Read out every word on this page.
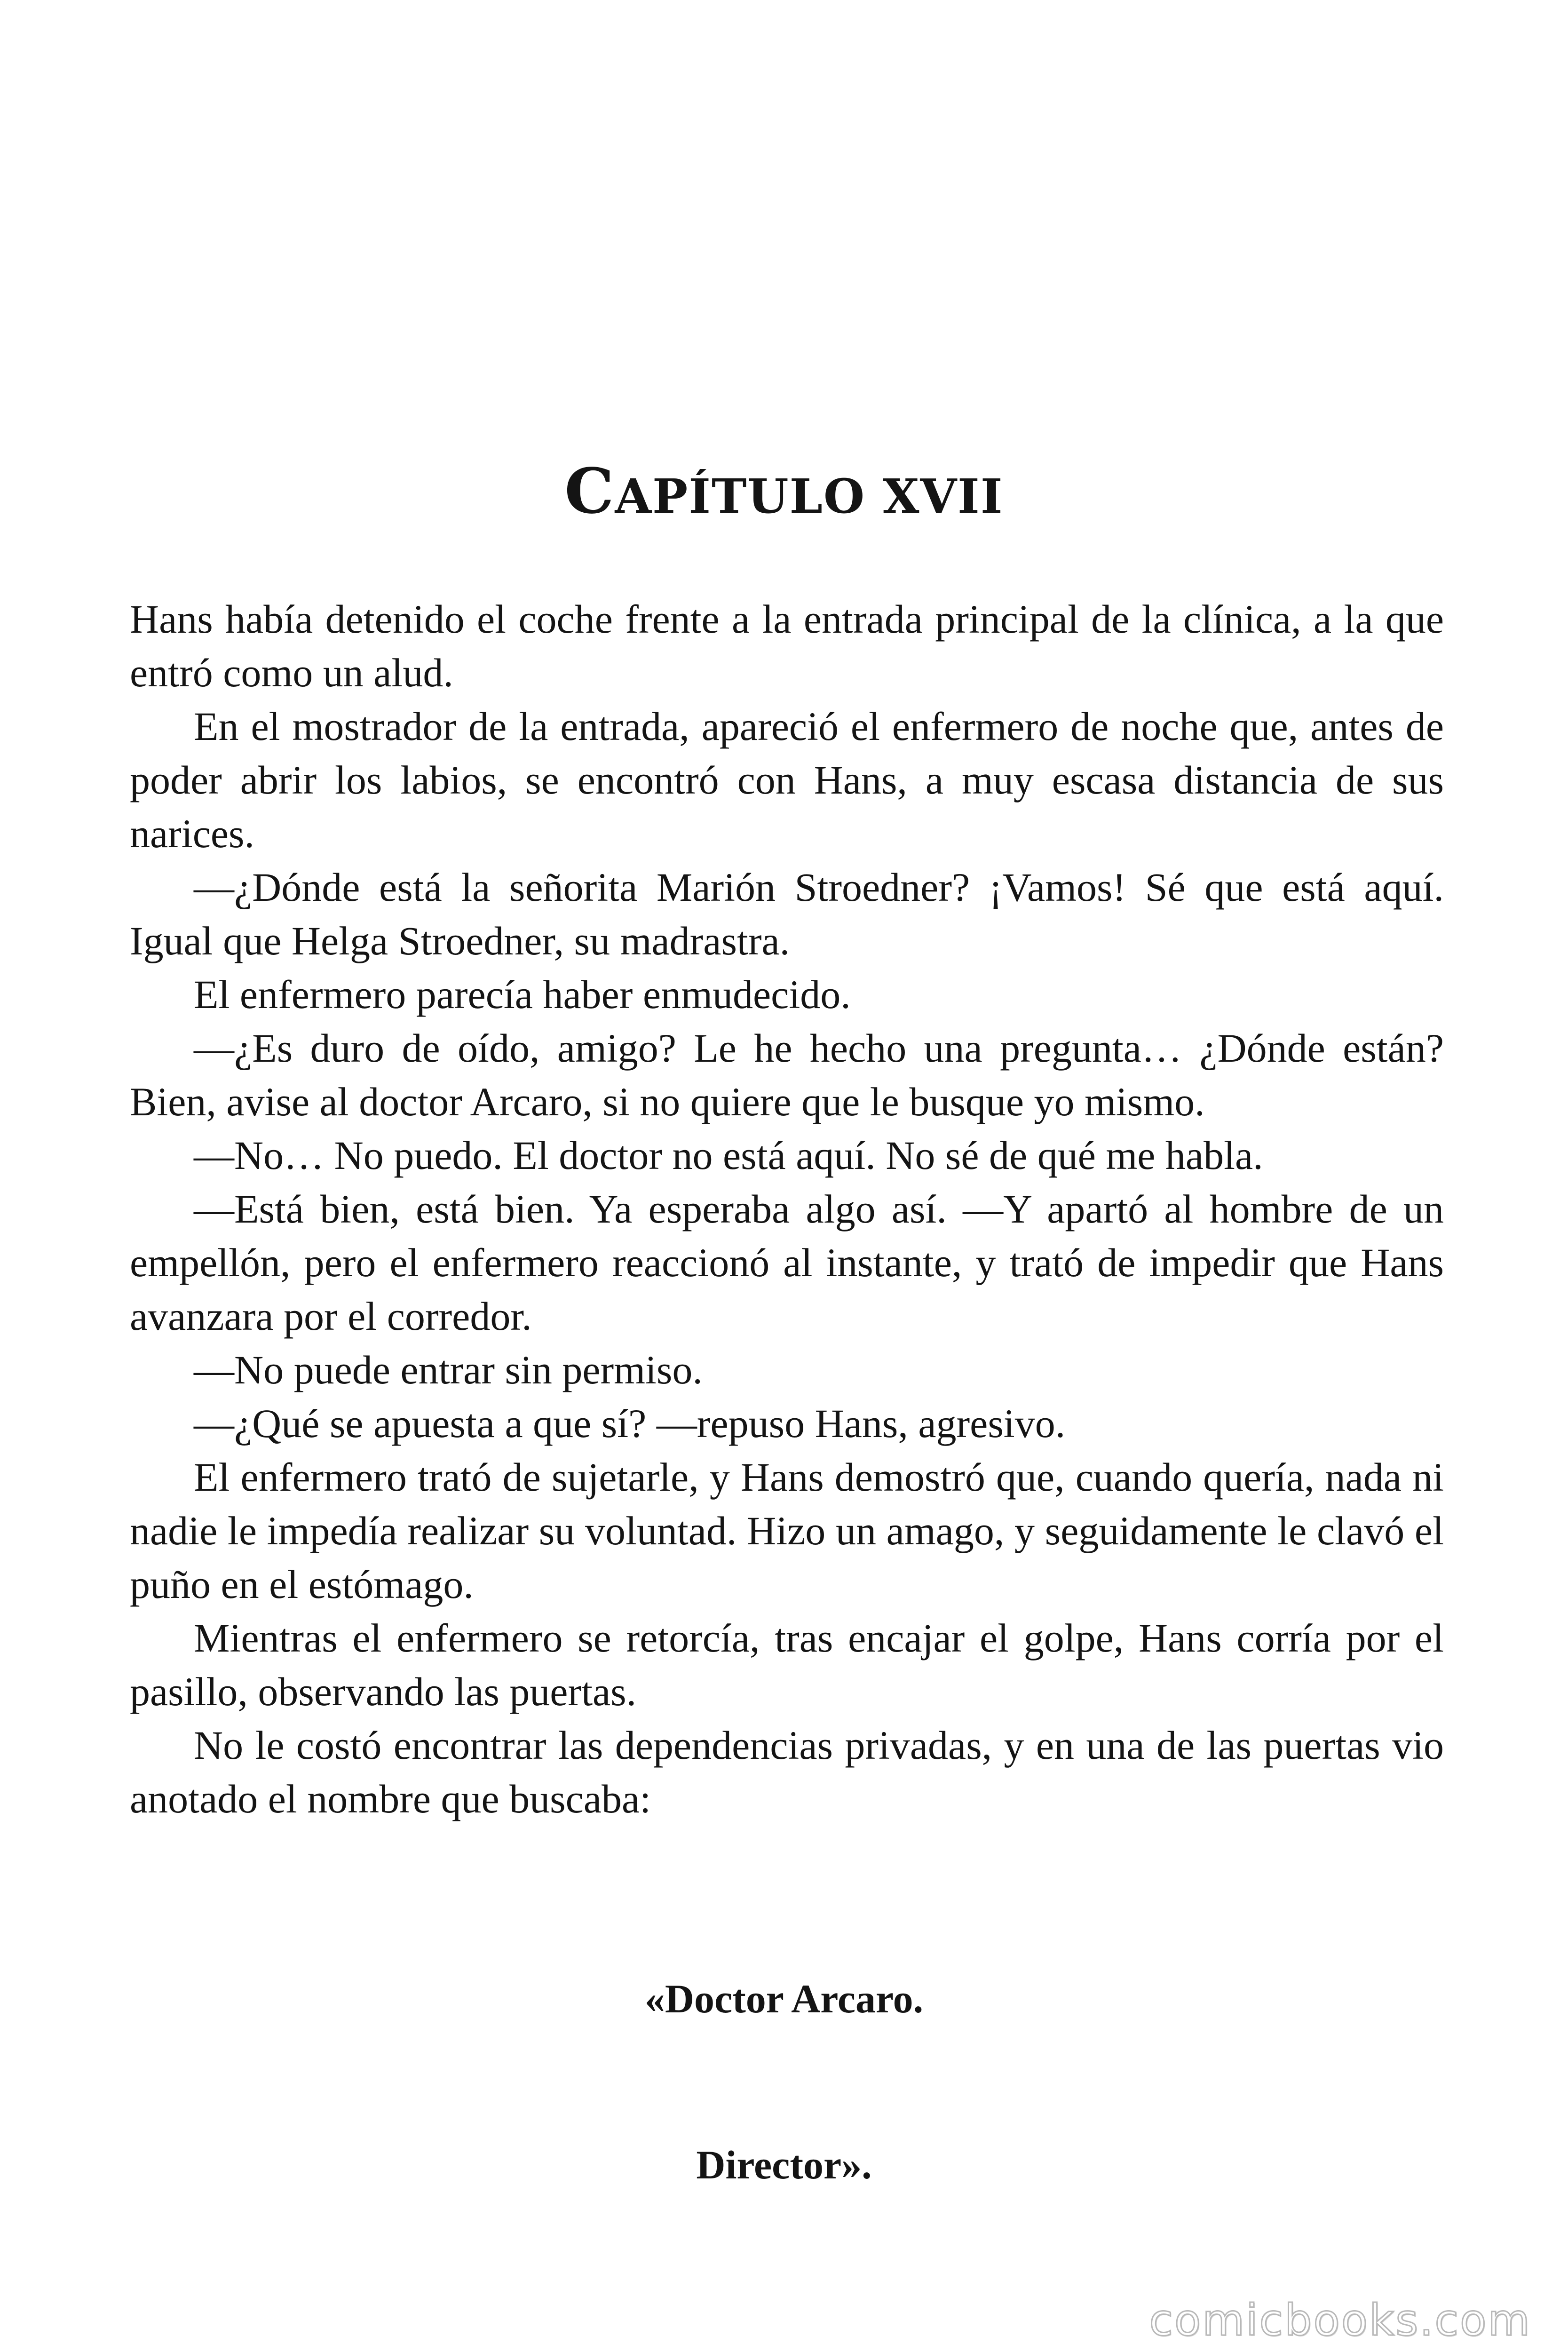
CAPÍTULO XVII

Hans había detenido el coche frente a la entrada principal de la clínica, a la que entró como un alud.

En el mostrador de la entrada, apareció el enfermero de noche que, antes de poder abrir los labios, se encontró con Hans, a muy escasa distancia de sus narices.

—¿Dónde está la señorita Marión Stroedner? ¡Vamos! Sé que está aquí. Igual que Helga Stroedner, su madrastra.

El enfermero parecía haber enmudecido.

—¿Es duro de oído, amigo? Le he hecho una pregunta… ¿Dónde están? Bien, avise al doctor Arcaro, si no quiere que le busque yo mismo.

—No… No puedo. El doctor no está aquí. No sé de qué me habla.

—Está bien, está bien. Ya esperaba algo así. —Y apartó al hombre de un empellón, pero el enfermero reaccionó al instante, y trató de impedir que Hans avanzara por el corredor.

—No puede entrar sin permiso.

—¿Qué se apuesta a que sí? —repuso Hans, agresivo.

El enfermero trató de sujetarle, y Hans demostró que, cuando quería, nada ni nadie le impedía realizar su voluntad. Hizo un amago, y seguidamente le clavó el puño en el estómago.

Mientras el enfermero se retorcía, tras encajar el golpe, Hans corría por el pasillo, observando las puertas.

No le costó encontrar las dependencias privadas, y en una de las puertas vio anotado el nombre que buscaba:

«Doctor Arcaro.

Director».

comicbooks.com
